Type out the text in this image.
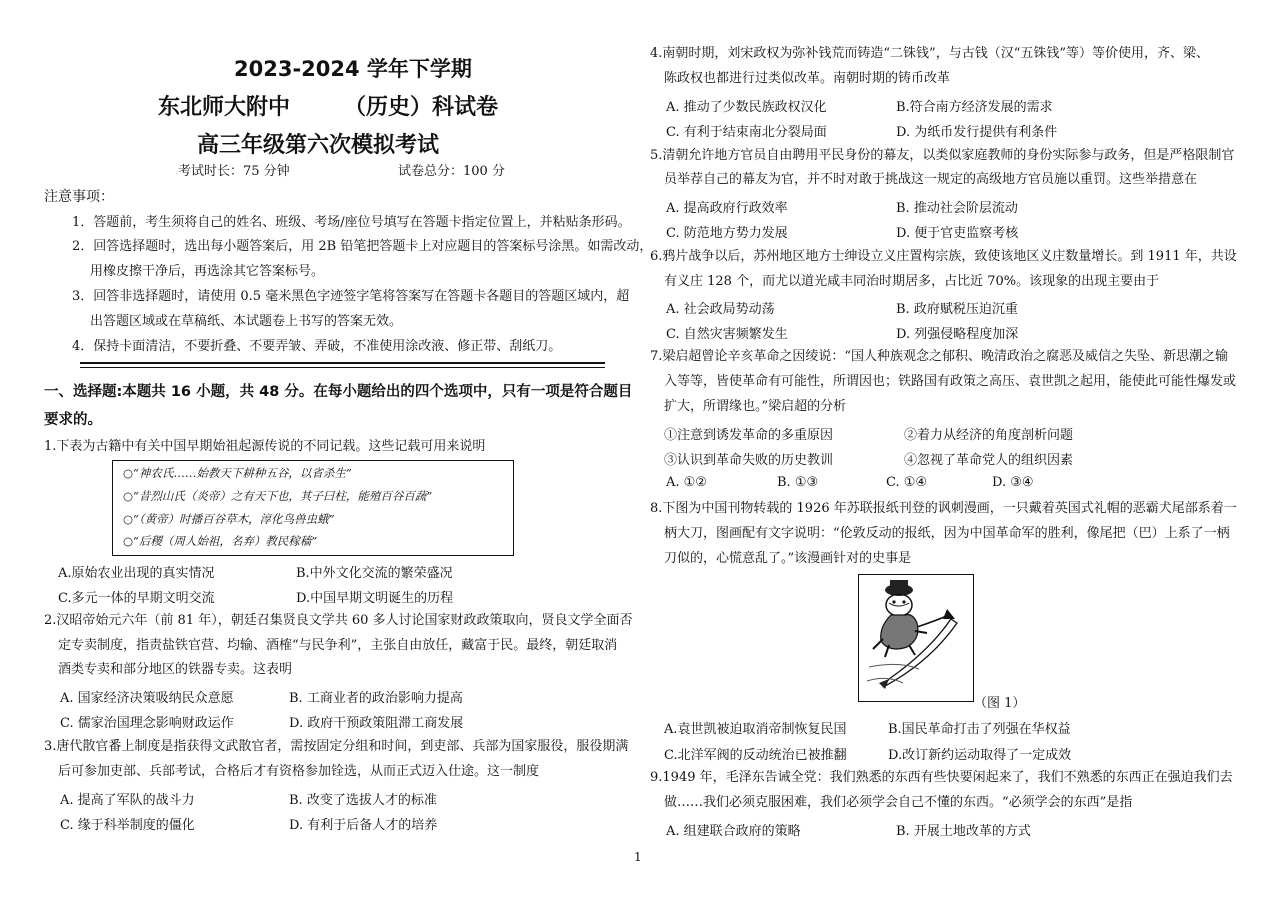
2023-2024 学年下学期
东北师大附中 （历史）科试卷
高三年级第六次模拟考试
考试时长：75 分钟	试卷总分：100 分
注意事项：
1．答题前，考生须将自己的姓名、班级、考场/座位号填写在答题卡指定位置上，并粘贴条形码。
2．回答选择题时，选出每小题答案后，用 2B 铅笔把答题卡上对应题目的答案标号涂黑。如需改动，
用橡皮擦干净后，再选涂其它答案标号。
3．回答非选择题时，请使用 0.5 毫米黑色字迹签字笔将答案写在答题卡各题目的答题区域内，超
出答题区域或在草稿纸、本试题卷上书写的答案无效。
4．保持卡面清洁，不要折叠、不要弄皱、弄破，不准使用涂改液、修正带、刮纸刀。
一、选择题:本题共 16 小题，共 48 分。在每小题给出的四个选项中，只有一项是符合题目
要求的。
1.下表为古籍中有关中国早期始祖起源传说的不同记载。这些记载可用来说明
○“神农氏……始教天下耕种五谷，以省杀生”
○“昔烈山氏（炎帝）之有天下也，其子曰柱，能殖百谷百蔬”
○“（黄帝）时播百谷草木，淳化鸟兽虫蛾”
○“后稷（周人始祖，名弃）教民稼穑”
A.原始农业出现的真实情况	B.中外文化交流的繁荣盛况
C.多元一体的早期文明交流	D.中国早期文明诞生的历程
2.汉昭帝始元六年（前 81 年），朝廷召集贤良文学共 60 多人讨论国家财政政策取向，贤良文学全面否
定专卖制度，指责盐铁官营、均输、酒榷“与民争利”，主张自由放任，藏富于民。最终，朝廷取消
酒类专卖和部分地区的铁器专卖。这表明
A. 国家经济决策吸纳民众意愿	B. 工商业者的政治影响力提高
C. 儒家治国理念影响财政运作	D. 政府干预政策阻滞工商发展
3.唐代散官番上制度是指获得文武散官者，需按固定分组和时间，到吏部、兵部为国家服役，服役期满
后可参加吏部、兵部考试，合格后才有资格参加铨选，从而正式迈入仕途。这一制度
A. 提高了军队的战斗力	B. 改变了选拔人才的标准
C. 缘于科举制度的僵化	D. 有利于后备人才的培养
4.南朝时期，刘宋政权为弥补钱荒而铸造“二铢钱”，与古钱（汉“五铢钱”等）等价使用，齐、梁、
陈政权也都进行过类似改革。南朝时期的铸币改革
A. 推动了少数民族政权汉化	B.符合南方经济发展的需求
C. 有利于结束南北分裂局面	D. 为纸币发行提供有利条件
5.清朝允许地方官员自由聘用平民身份的幕友，以类似家庭教师的身份实际参与政务，但是严格限制官
员举荐自己的幕友为官，并不时对敢于挑战这一规定的高级地方官员施以重罚。这些举措意在
A. 提高政府行政效率	B. 推动社会阶层流动
C. 防范地方势力发展	D. 便于官吏监察考核
6.鸦片战争以后，苏州地区地方士绅设立义庄置构宗族，致使该地区义庄数量增长。到 1911 年，共设
有义庄 128 个，而尤以道光咸丰同治时期居多，占比近 70%。该现象的出现主要由于
A. 社会政局势动荡	B. 政府赋税压迫沉重
C. 自然灾害频繁发生	D. 列强侵略程度加深
7.梁启超曾论辛亥革命之因绫说：“国人种族观念之郁积、晚清政治之腐恶及威信之失坠、新思潮之输
入等等，皆使革命有可能性，所谓因也；铁路国有政策之高压、袁世凯之起用，能使此可能性爆发或
扩大，所谓缘也。”梁启超的分析
①注意到诱发革命的多重原因	②着力从经济的角度剖析问题
③认识到革命失败的历史教训	④忽视了革命党人的组织因素
A. ①②	B. ①③	C. ①④	D. ③④
8.下图为中国刊物转载的 1926 年苏联报纸刊登的讽刺漫画，一只戴着英国式礼帽的恶霸犬尾部系着一
柄大刀，图画配有文字说明：“伦敦反动的报纸，因为中国革命军的胜利，像尾把（巴）上系了一柄
刀似的，心慌意乱了。”该漫画针对的史事是
（图 1）
A.袁世凯被迫取消帝制恢复民国	B.国民革命打击了列强在华权益
C.北洋军阀的反动统治已被推翻	D.改订新约运动取得了一定成效
9.1949 年，毛泽东告诫全党：我们熟悉的东西有些快要闲起来了，我们不熟悉的东西正在强迫我们去
做……我们必须克服困难，我们必须学会自己不懂的东西。“必须学会的东西”是指
A. 组建联合政府的策略	B. 开展土地改革的方式
1
